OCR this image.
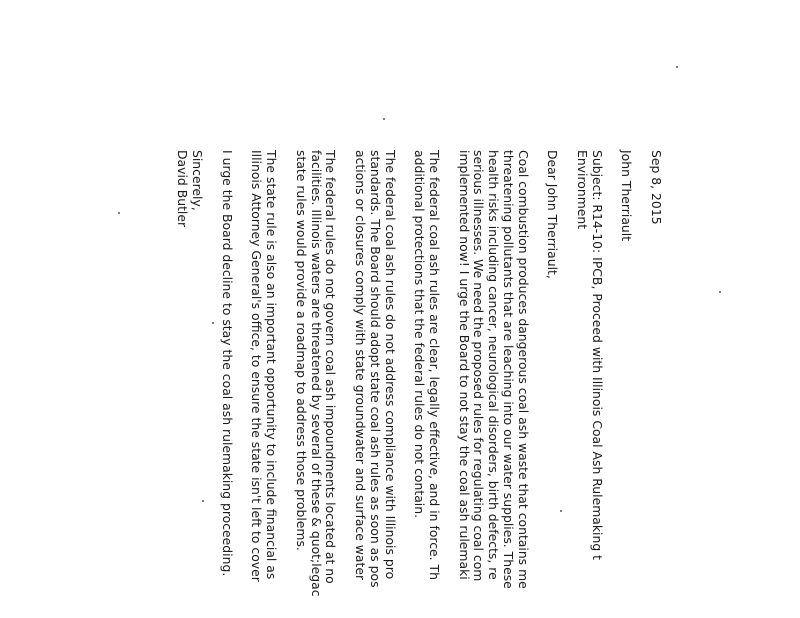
Sep 8, 2015
John Therriault
Subject: R14-10: IPCB, Proceed with Illinois Coal Ash Rulemaking t
Environment
Dear John Therriault,
Coal combustion produces dangerous coal ash waste that contains me
threatening pollutants that are leaching into our water supplies. These
health risks including cancer, neurological disorders, birth defects, re
serious illnesses. We need the proposed rules for regulating coal com
implemented now! I urge the Board to not stay the coal ash rulemaki
The federal coal ash rules are clear, legally effective, and in force. Th
additional protections that the federal rules do not contain.
The federal coal ash rules do not address compliance with Illinois pro
standards. The Board should adopt state coal ash rules as soon as pos
actions or closures comply with state groundwater and surface water
The federal rules do not govern coal ash impoundments located at no
facilities. Illinois waters are threatened by several of these & quot;legac
state rules would provide a roadmap to address those problems.
The state rule is also an important opportunity to include financial as
Illinois Attorney General's office, to ensure the state isn't left to cover
I urge the Board decline to stay the coal ash rulemaking proceeding.
Sincerely,
David Butler
